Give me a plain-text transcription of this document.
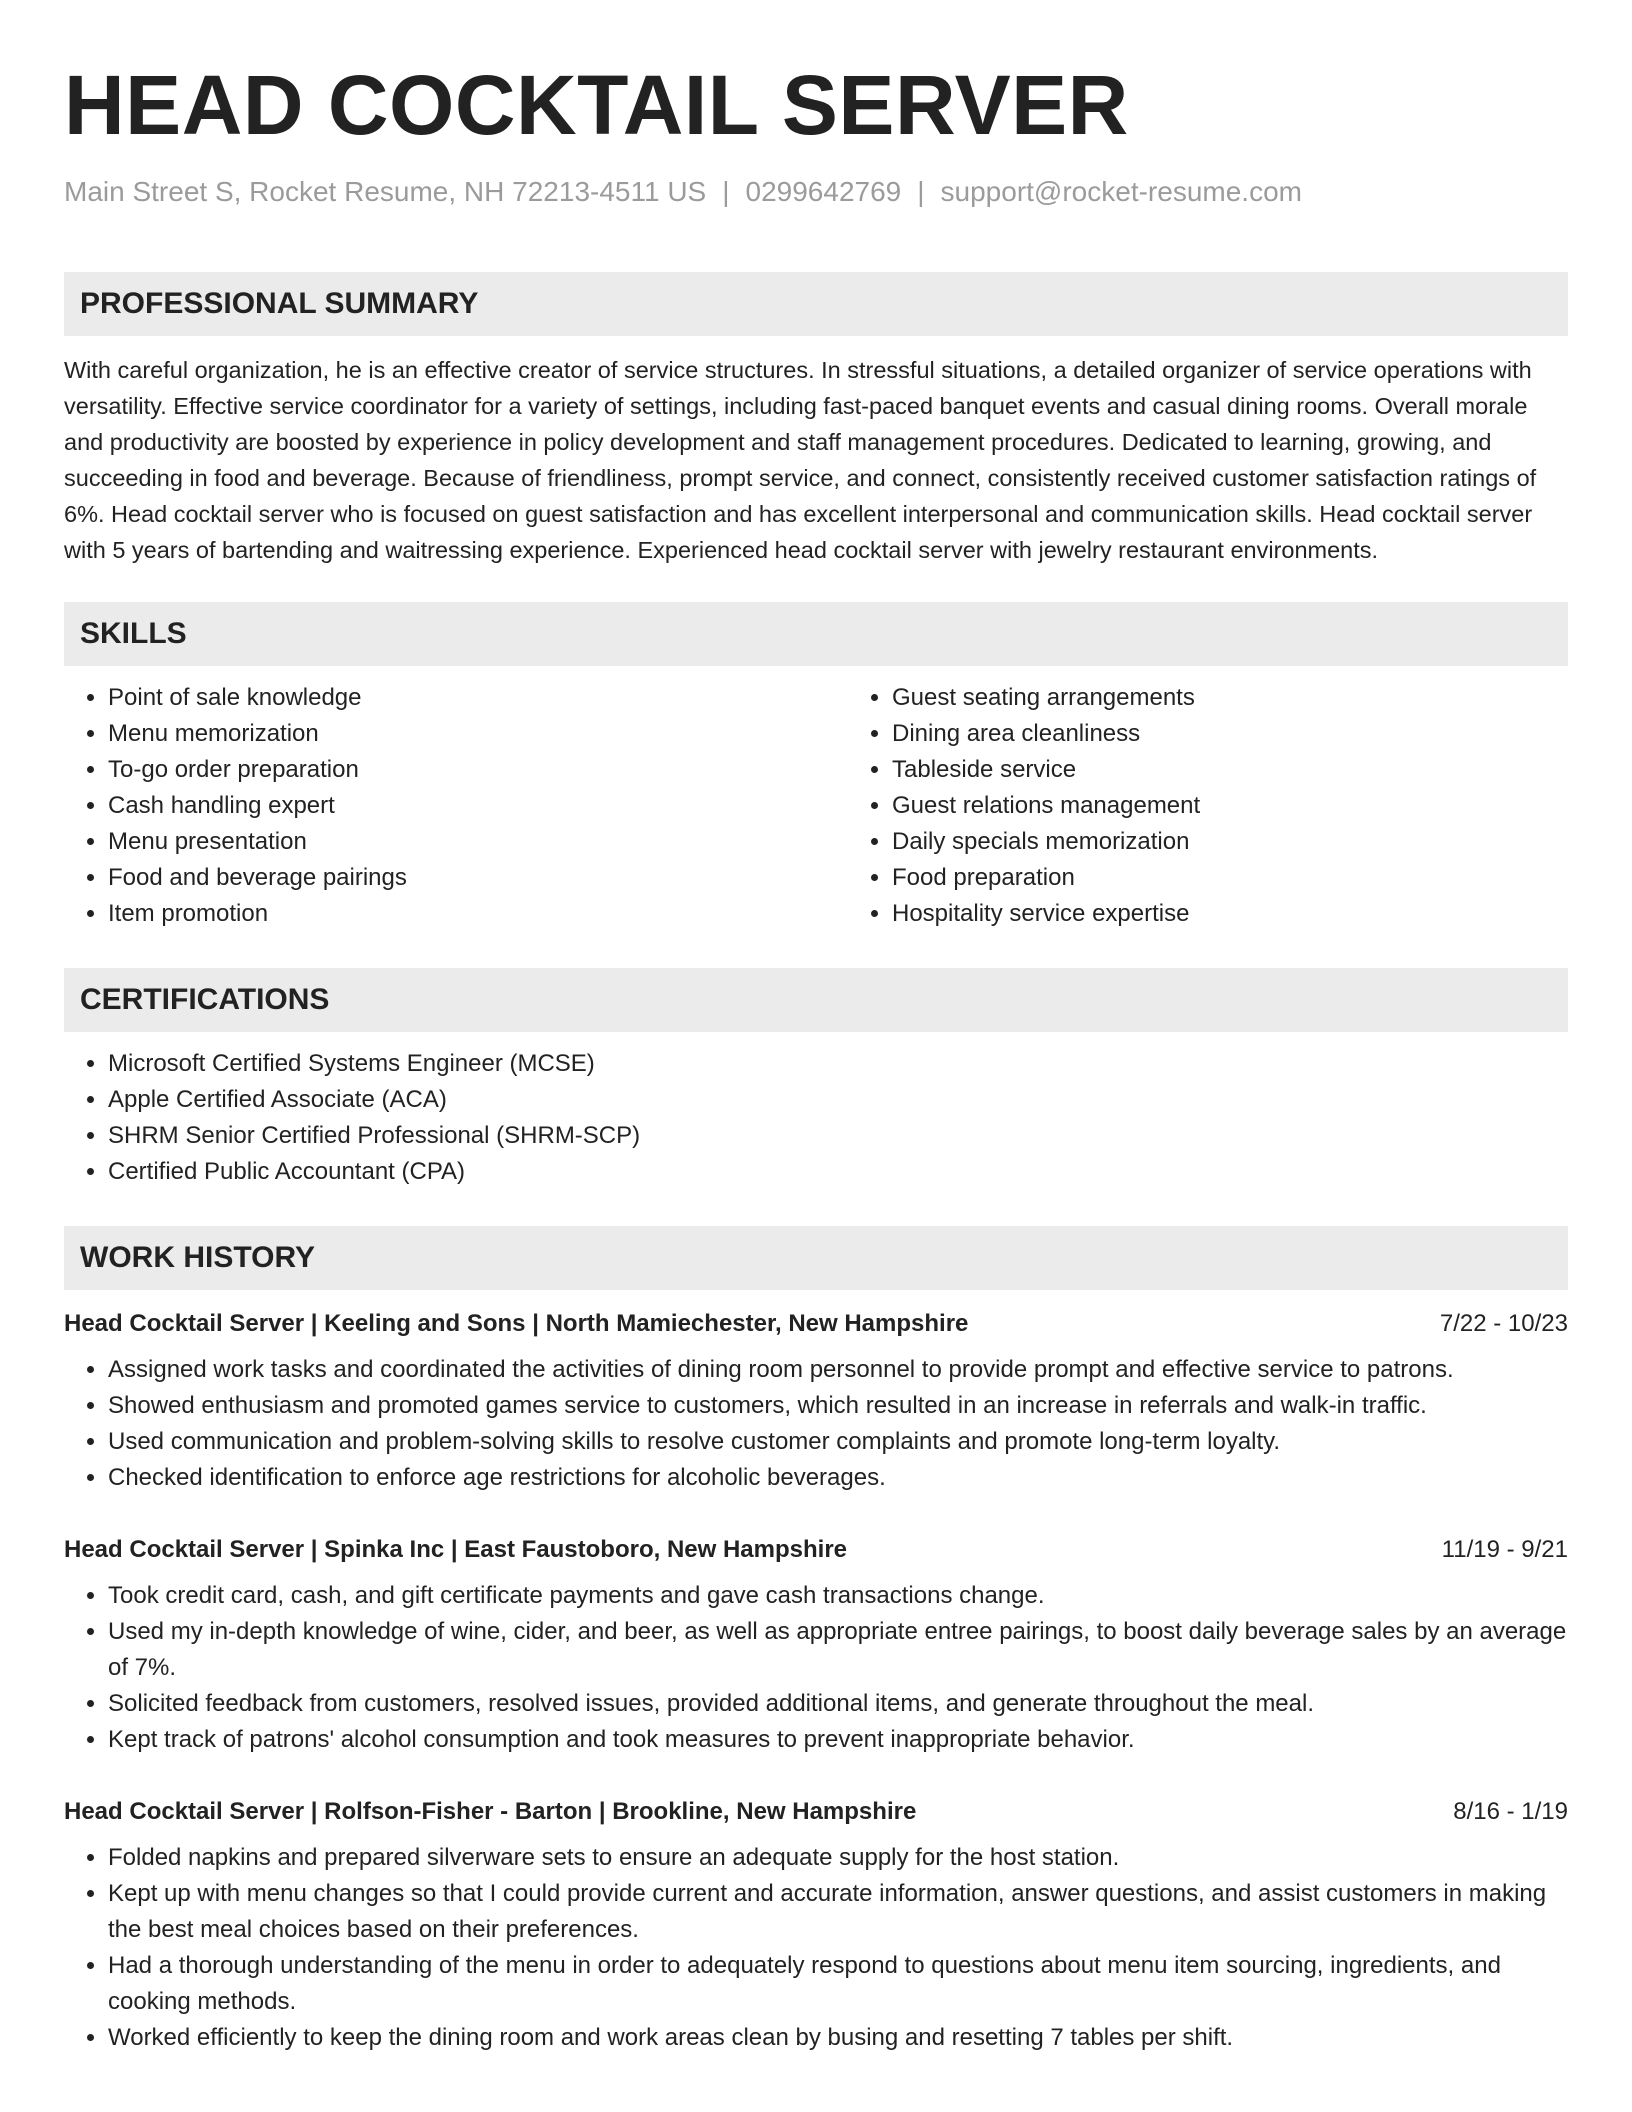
HEAD COCKTAIL SERVER
Main Street S, Rocket Resume, NH 72213-4511 US | 0299642769 | support@rocket-resume.com
PROFESSIONAL SUMMARY
With careful organization, he is an effective creator of service structures. In stressful situations, a detailed organizer of service operations with versatility. Effective service coordinator for a variety of settings, including fast-paced banquet events and casual dining rooms. Overall morale and productivity are boosted by experience in policy development and staff management procedures. Dedicated to learning, growing, and succeeding in food and beverage. Because of friendliness, prompt service, and connect, consistently received customer satisfaction ratings of 6%. Head cocktail server who is focused on guest satisfaction and has excellent interpersonal and communication skills. Head cocktail server with 5 years of bartending and waitressing experience. Experienced head cocktail server with jewelry restaurant environments.
SKILLS
• Point of sale knowledge
• Menu memorization
• To-go order preparation
• Cash handling expert
• Menu presentation
• Food and beverage pairings
• Item promotion
• Guest seating arrangements
• Dining area cleanliness
• Tableside service
• Guest relations management
• Daily specials memorization
• Food preparation
• Hospitality service expertise
CERTIFICATIONS
• Microsoft Certified Systems Engineer (MCSE)
• Apple Certified Associate (ACA)
• SHRM Senior Certified Professional (SHRM-SCP)
• Certified Public Accountant (CPA)
WORK HISTORY
Head Cocktail Server | Keeling and Sons | North Mamiechester, New Hampshire	7/22 - 10/23
• Assigned work tasks and coordinated the activities of dining room personnel to provide prompt and effective service to patrons.
• Showed enthusiasm and promoted games service to customers, which resulted in an increase in referrals and walk-in traffic.
• Used communication and problem-solving skills to resolve customer complaints and promote long-term loyalty.
• Checked identification to enforce age restrictions for alcoholic beverages.
Head Cocktail Server | Spinka Inc | East Faustoboro, New Hampshire	11/19 - 9/21
• Took credit card, cash, and gift certificate payments and gave cash transactions change.
• Used my in-depth knowledge of wine, cider, and beer, as well as appropriate entree pairings, to boost daily beverage sales by an average of 7%.
• Solicited feedback from customers, resolved issues, provided additional items, and generate throughout the meal.
• Kept track of patrons' alcohol consumption and took measures to prevent inappropriate behavior.
Head Cocktail Server | Rolfson-Fisher - Barton | Brookline, New Hampshire	8/16 - 1/19
• Folded napkins and prepared silverware sets to ensure an adequate supply for the host station.
• Kept up with menu changes so that I could provide current and accurate information, answer questions, and assist customers in making the best meal choices based on their preferences.
• Had a thorough understanding of the menu in order to adequately respond to questions about menu item sourcing, ingredients, and cooking methods.
• Worked efficiently to keep the dining room and work areas clean by busing and resetting 7 tables per shift.
